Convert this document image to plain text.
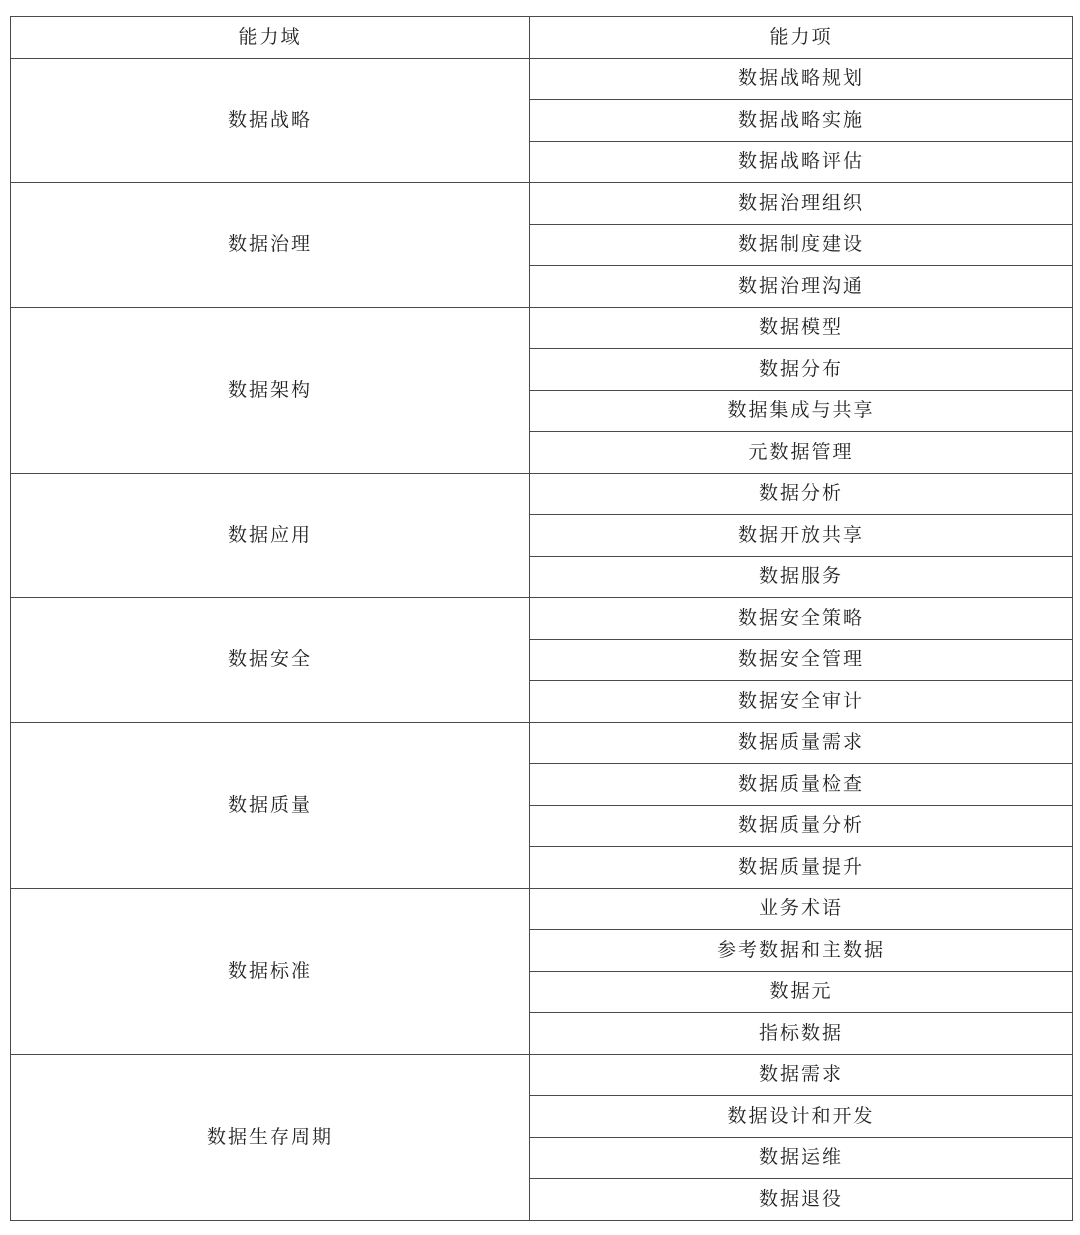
能力域	能力项
数据战略	数据战略规划
	数据战略实施
	数据战略评估
数据治理	数据治理组织
	数据制度建设
	数据治理沟通
数据架构	数据模型
	数据分布
	数据集成与共享
	元数据管理
数据应用	数据分析
	数据开放共享
	数据服务
数据安全	数据安全策略
	数据安全管理
	数据安全审计
数据质量	数据质量需求
	数据质量检查
	数据质量分析
	数据质量提升
数据标准	业务术语
	参考数据和主数据
	数据元
	指标数据
数据生存周期	数据需求
	数据设计和开发
	数据运维
	数据退役
